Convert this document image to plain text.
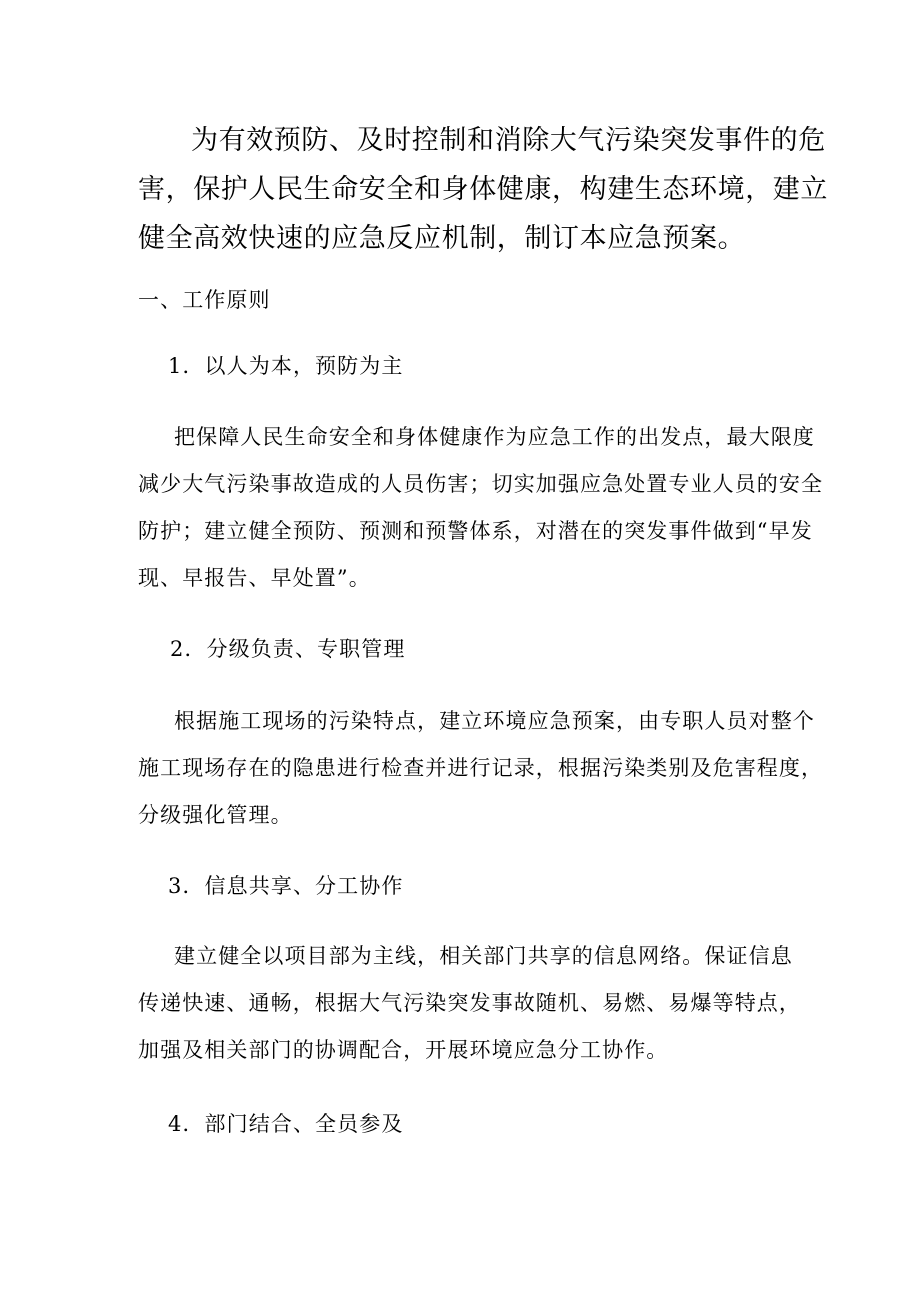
为有效预防、及时控制和消除大气污染突发事件的危

害，保护人民生命安全和身体健康，构建生态环境，建立

健全高效快速的应急反应机制，制订本应急预案。

一、工作原则

1．以人为本，预防为主

把保障人民生命安全和身体健康作为应急工作的出发点，最大限度

减少大气污染事故造成的人员伤害；切实加强应急处置专业人员的安全

防护；建立健全预防、预测和预警体系，对潜在的突发事件做到“早发

现、早报告、早处置”。

2．分级负责、专职管理

根据施工现场的污染特点，建立环境应急预案，由专职人员对整个

施工现场存在的隐患进行检查并进行记录，根据污染类别及危害程度，

分级强化管理。

3．信息共享、分工协作

建立健全以项目部为主线，相关部门共享的信息网络。保证信息

传递快速、通畅，根据大气污染突发事故随机、易燃、易爆等特点，

加强及相关部门的协调配合，开展环境应急分工协作。

4．部门结合、全员参及
